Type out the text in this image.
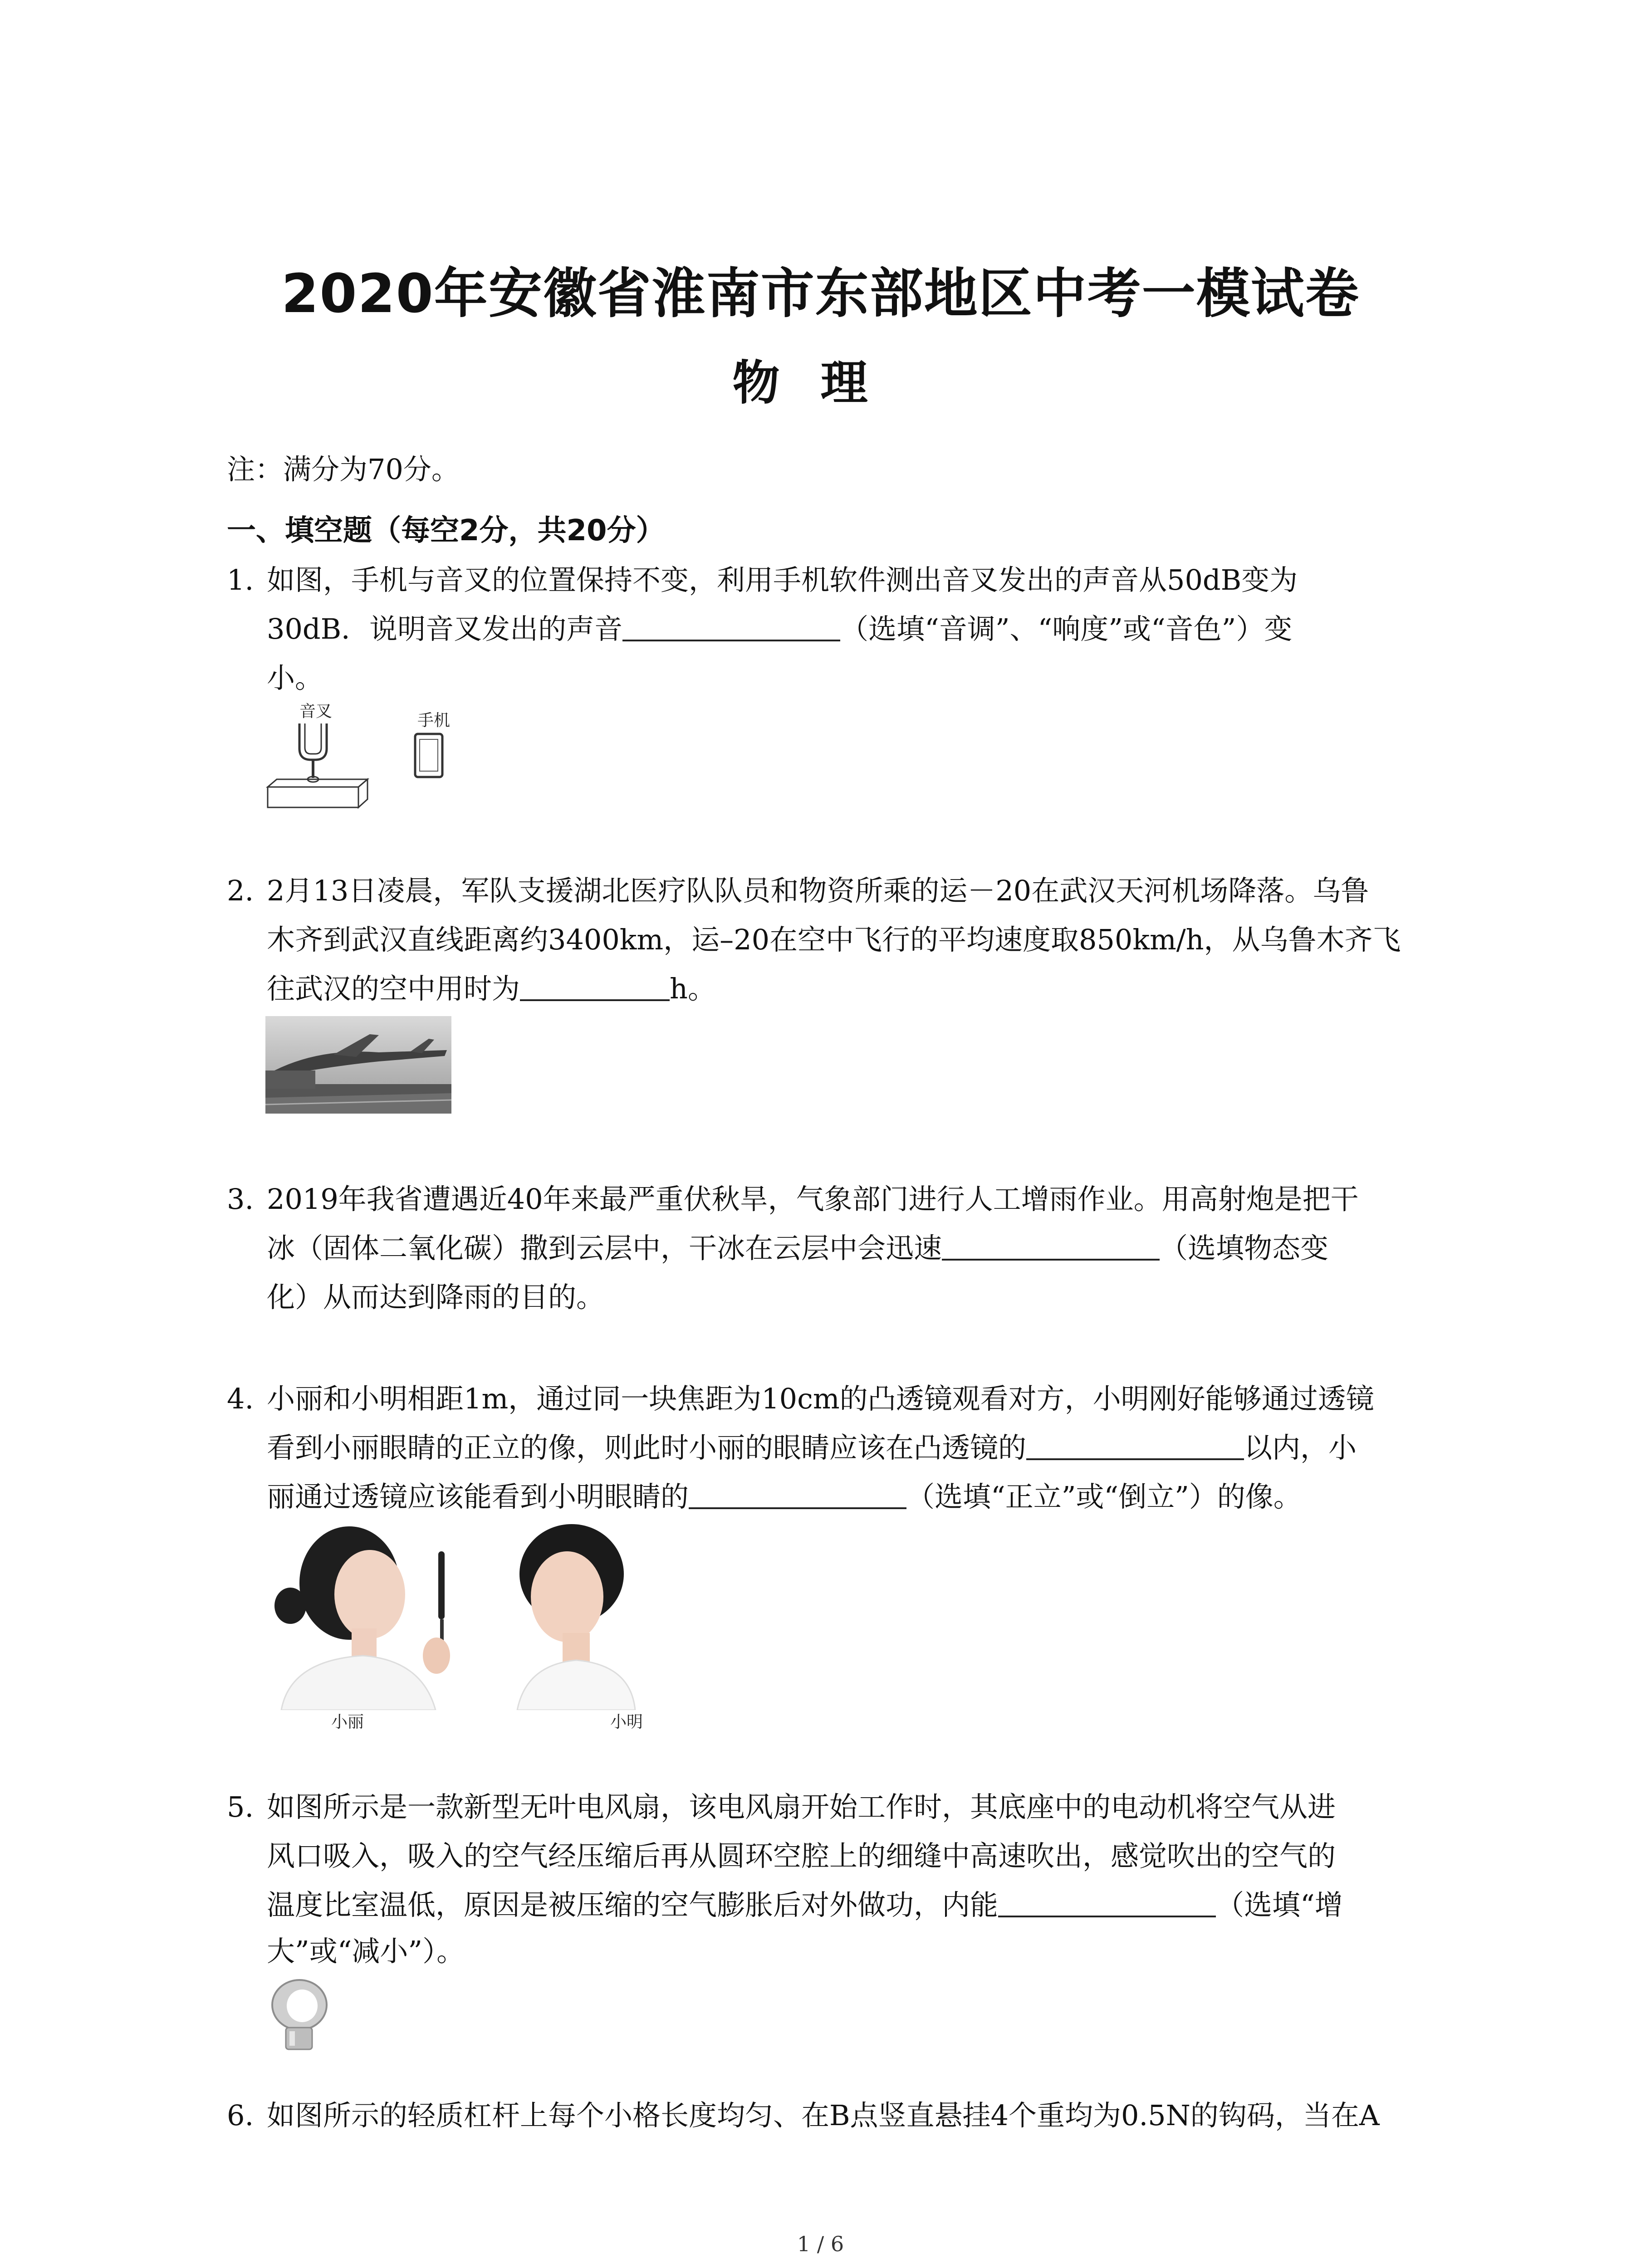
2020年安徽省淮南市东部地区中考一模试卷
物理
注：满分为70分。
一、填空题（每空2分，共20分）
1. 如图，手机与音叉的位置保持不变，利用手机软件测出音叉发出的声音从50dB变为
30dB．说明音叉发出的声音	（选填“音调”、“响度”或“音色”）变
小。
音叉	手机
2. 2月13日凌晨，军队支援湖北医疗队队员和物资所乘的运－20在武汉天河机场降落。乌鲁
木齐到武汉直线距离约3400km，运–20在空中飞行的平均速度取850km/h，从乌鲁木齐飞
往武汉的空中用时为	h。
3. 2019年我省遭遇近40年来最严重伏秋旱，气象部门进行人工增雨作业。用高射炮是把干
冰（固体二氧化碳）撒到云层中，干冰在云层中会迅速	（选填物态变
化）从而达到降雨的目的。
4. 小丽和小明相距1m，通过同一块焦距为10cm的凸透镜观看对方，小明刚好能够通过透镜
看到小丽眼睛的正立的像，则此时小丽的眼睛应该在凸透镜的	以内，小
丽通过透镜应该能看到小明眼睛的	（选填“正立”或“倒立”）的像。
小丽	小明
5. 如图所示是一款新型无叶电风扇，该电风扇开始工作时，其底座中的电动机将空气从进
风口吸入，吸入的空气经压缩后再从圆环空腔上的细缝中高速吹出，感觉吹出的空气的
温度比室温低，原因是被压缩的空气膨胀后对外做功，内能	（选填“增
大”或“减小”）。
6. 如图所示的轻质杠杆上每个小格长度均匀、在B点竖直悬挂4个重均为0.5N的钩码，当在A
1 / 6
